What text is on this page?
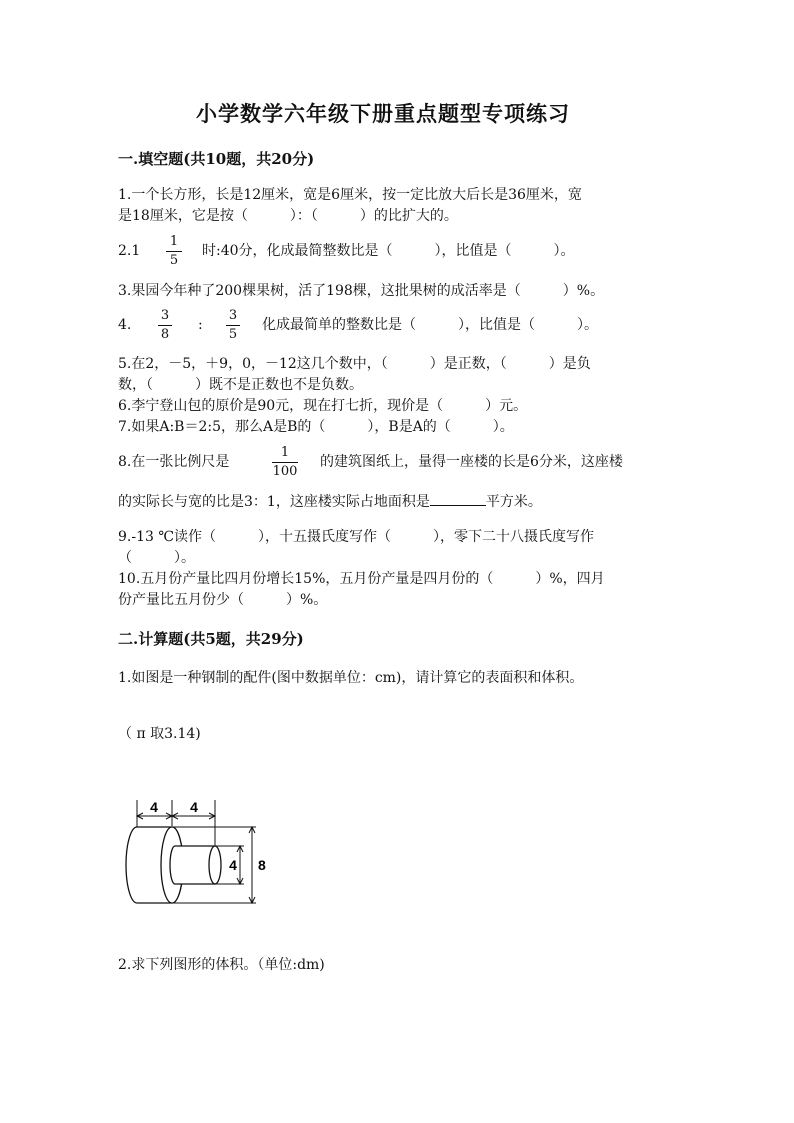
小学数学六年级下册重点题型专项练习
一.填空题(共10题，共20分)
1.一个长方形，长是12厘米，宽是6厘米，按一定比放大后长是36厘米，宽
是18厘米，它是按（　　　）：（　　　）的比扩大的。
2.1
1
5
时:40分，化成最简整数比是（　　　），比值是（　　　）。
3.果园今年种了200棵果树，活了198棵，这批果树的成活率是（　　　）%。
4.
3
8
:
3
5
化成最简单的整数比是（　　　），比值是（　　　）。
5.在2，－5，＋9，0，－12这几个数中，（　　　）是正数，（　　　）是负
数，（　　　）既不是正数也不是负数。
6.李宁登山包的原价是90元，现在打七折，现价是（　　　）元。
7.如果A:B＝2:5，那么A是B的（　　　），B是A的（　　　）。
8.在一张比例尺是
1
100
的建筑图纸上，量得一座楼的长是6分米，这座楼
的实际长与宽的比是3：1，这座楼实际占地面积是	平方米。
9.-13 ℃读作（　　　），十五摄氏度写作（　　　），零下二十八摄氏度写作
（　　　）。
10.五月份产量比四月份增长15%，五月份产量是四月份的（　　　）%，四月
份产量比五月份少（　　　）%。
二.计算题(共5题，共29分)
1.如图是一种钢制的配件(图中数据单位：cm)，请计算它的表面积和体积。
（ π 取3.14)
4 4
4 8
2.求下列图形的体积。（单位:dm)
